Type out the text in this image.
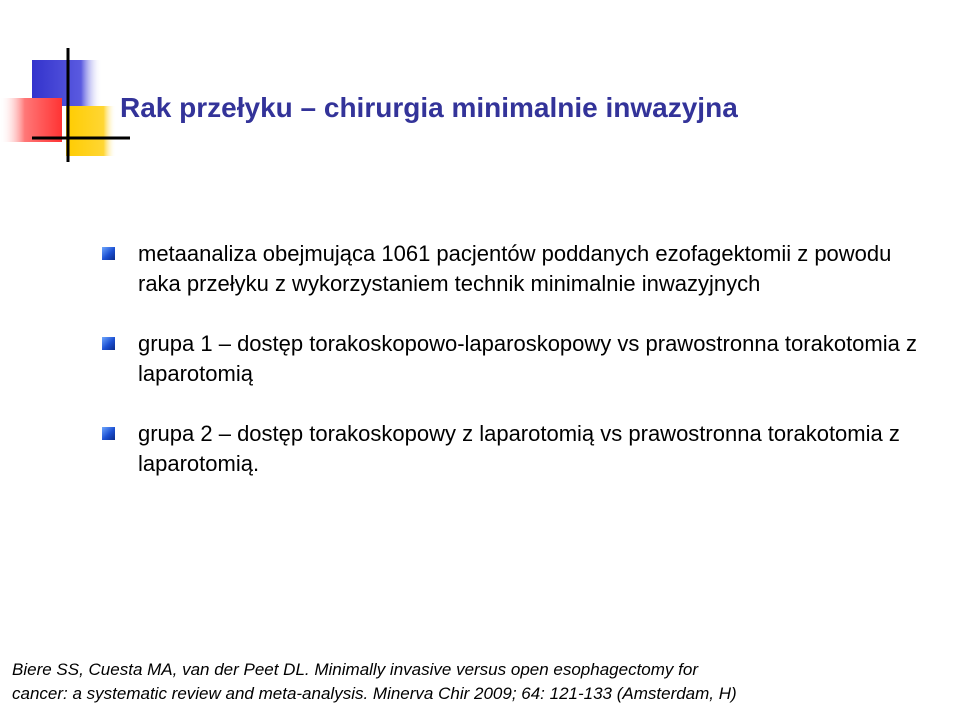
Rak przełyku – chirurgia minimalnie inwazyjna
metaanaliza obejmująca 1061 pacjentów poddanych ezofagektomii z powodu raka przełyku z wykorzystaniem technik minimalnie inwazyjnych
grupa 1 – dostęp torakoskopowo-laparoskopowy vs prawostronna torakotomia z laparotomią
grupa 2 – dostęp torakoskopowy z laparotomią vs prawostronna torakotomia z laparotomią.
Biere SS, Cuesta MA, van der Peet DL. Minimally invasive versus open esophagectomy for
cancer: a systematic review and meta-analysis. Minerva Chir 2009; 64: 121-133 (Amsterdam, H)
